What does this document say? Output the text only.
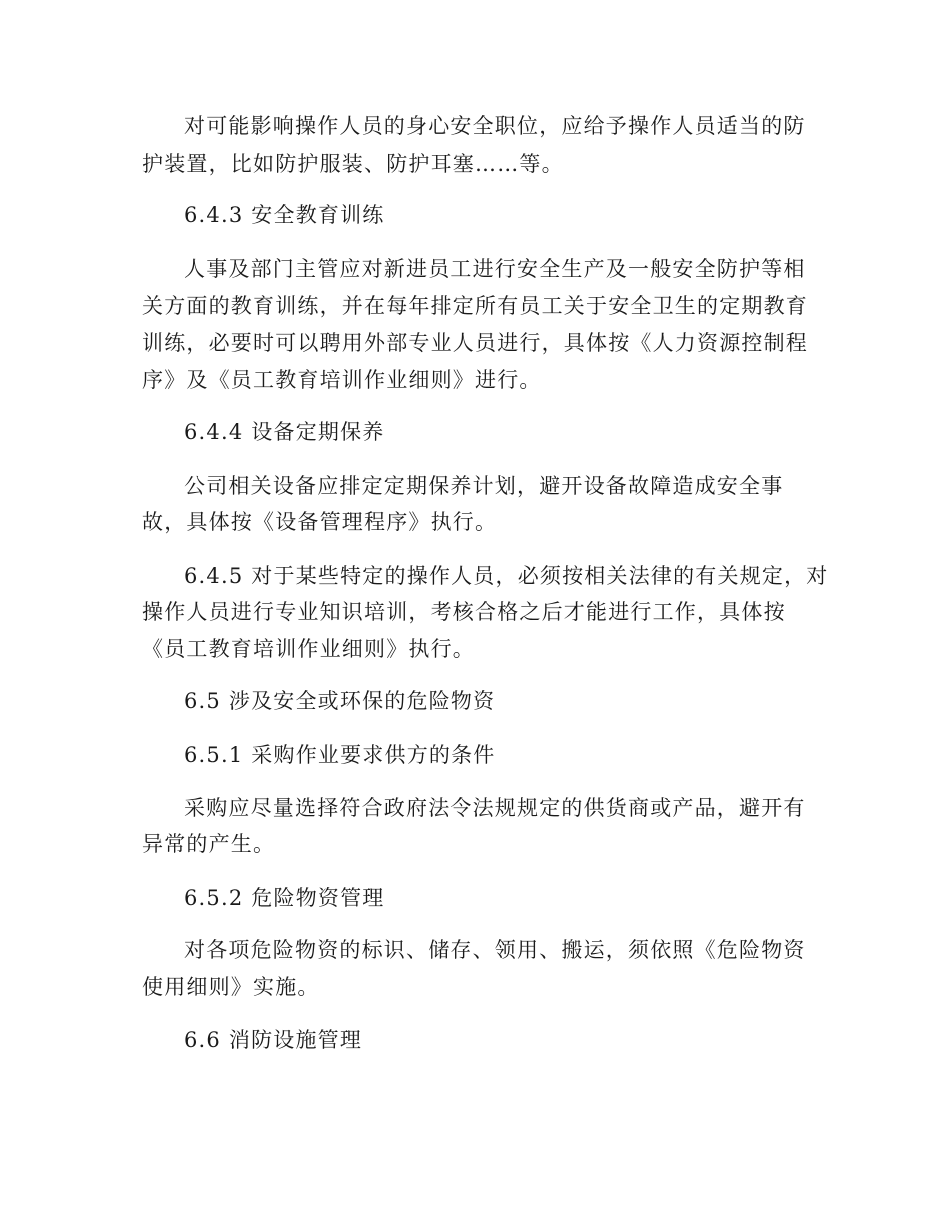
对可能影响操作人员的身心安全职位，应给予操作人员适当的防
护装置，比如防护服装、防护耳塞……等。
6.4.3 安全教育训练
人事及部门主管应对新进员工进行安全生产及一般安全防护等相
关方面的教育训练，并在每年排定所有员工关于安全卫生的定期教育
训练，必要时可以聘用外部专业人员进行，具体按《人力资源控制程
序》及《员工教育培训作业细则》进行。
6.4.4 设备定期保养
公司相关设备应排定定期保养计划，避开设备故障造成安全事
故，具体按《设备管理程序》执行。
6.4.5 对于某些特定的操作人员，必须按相关法律的有关规定，对
操作人员进行专业知识培训，考核合格之后才能进行工作，具体按
《员工教育培训作业细则》执行。
6.5 涉及安全或环保的危险物资
6.5.1 采购作业要求供方的条件
采购应尽量选择符合政府法令法规规定的供货商或产品，避开有
异常的产生。
6.5.2 危险物资管理
对各项危险物资的标识、储存、领用、搬运，须依照《危险物资
使用细则》实施。
6.6 消防设施管理
